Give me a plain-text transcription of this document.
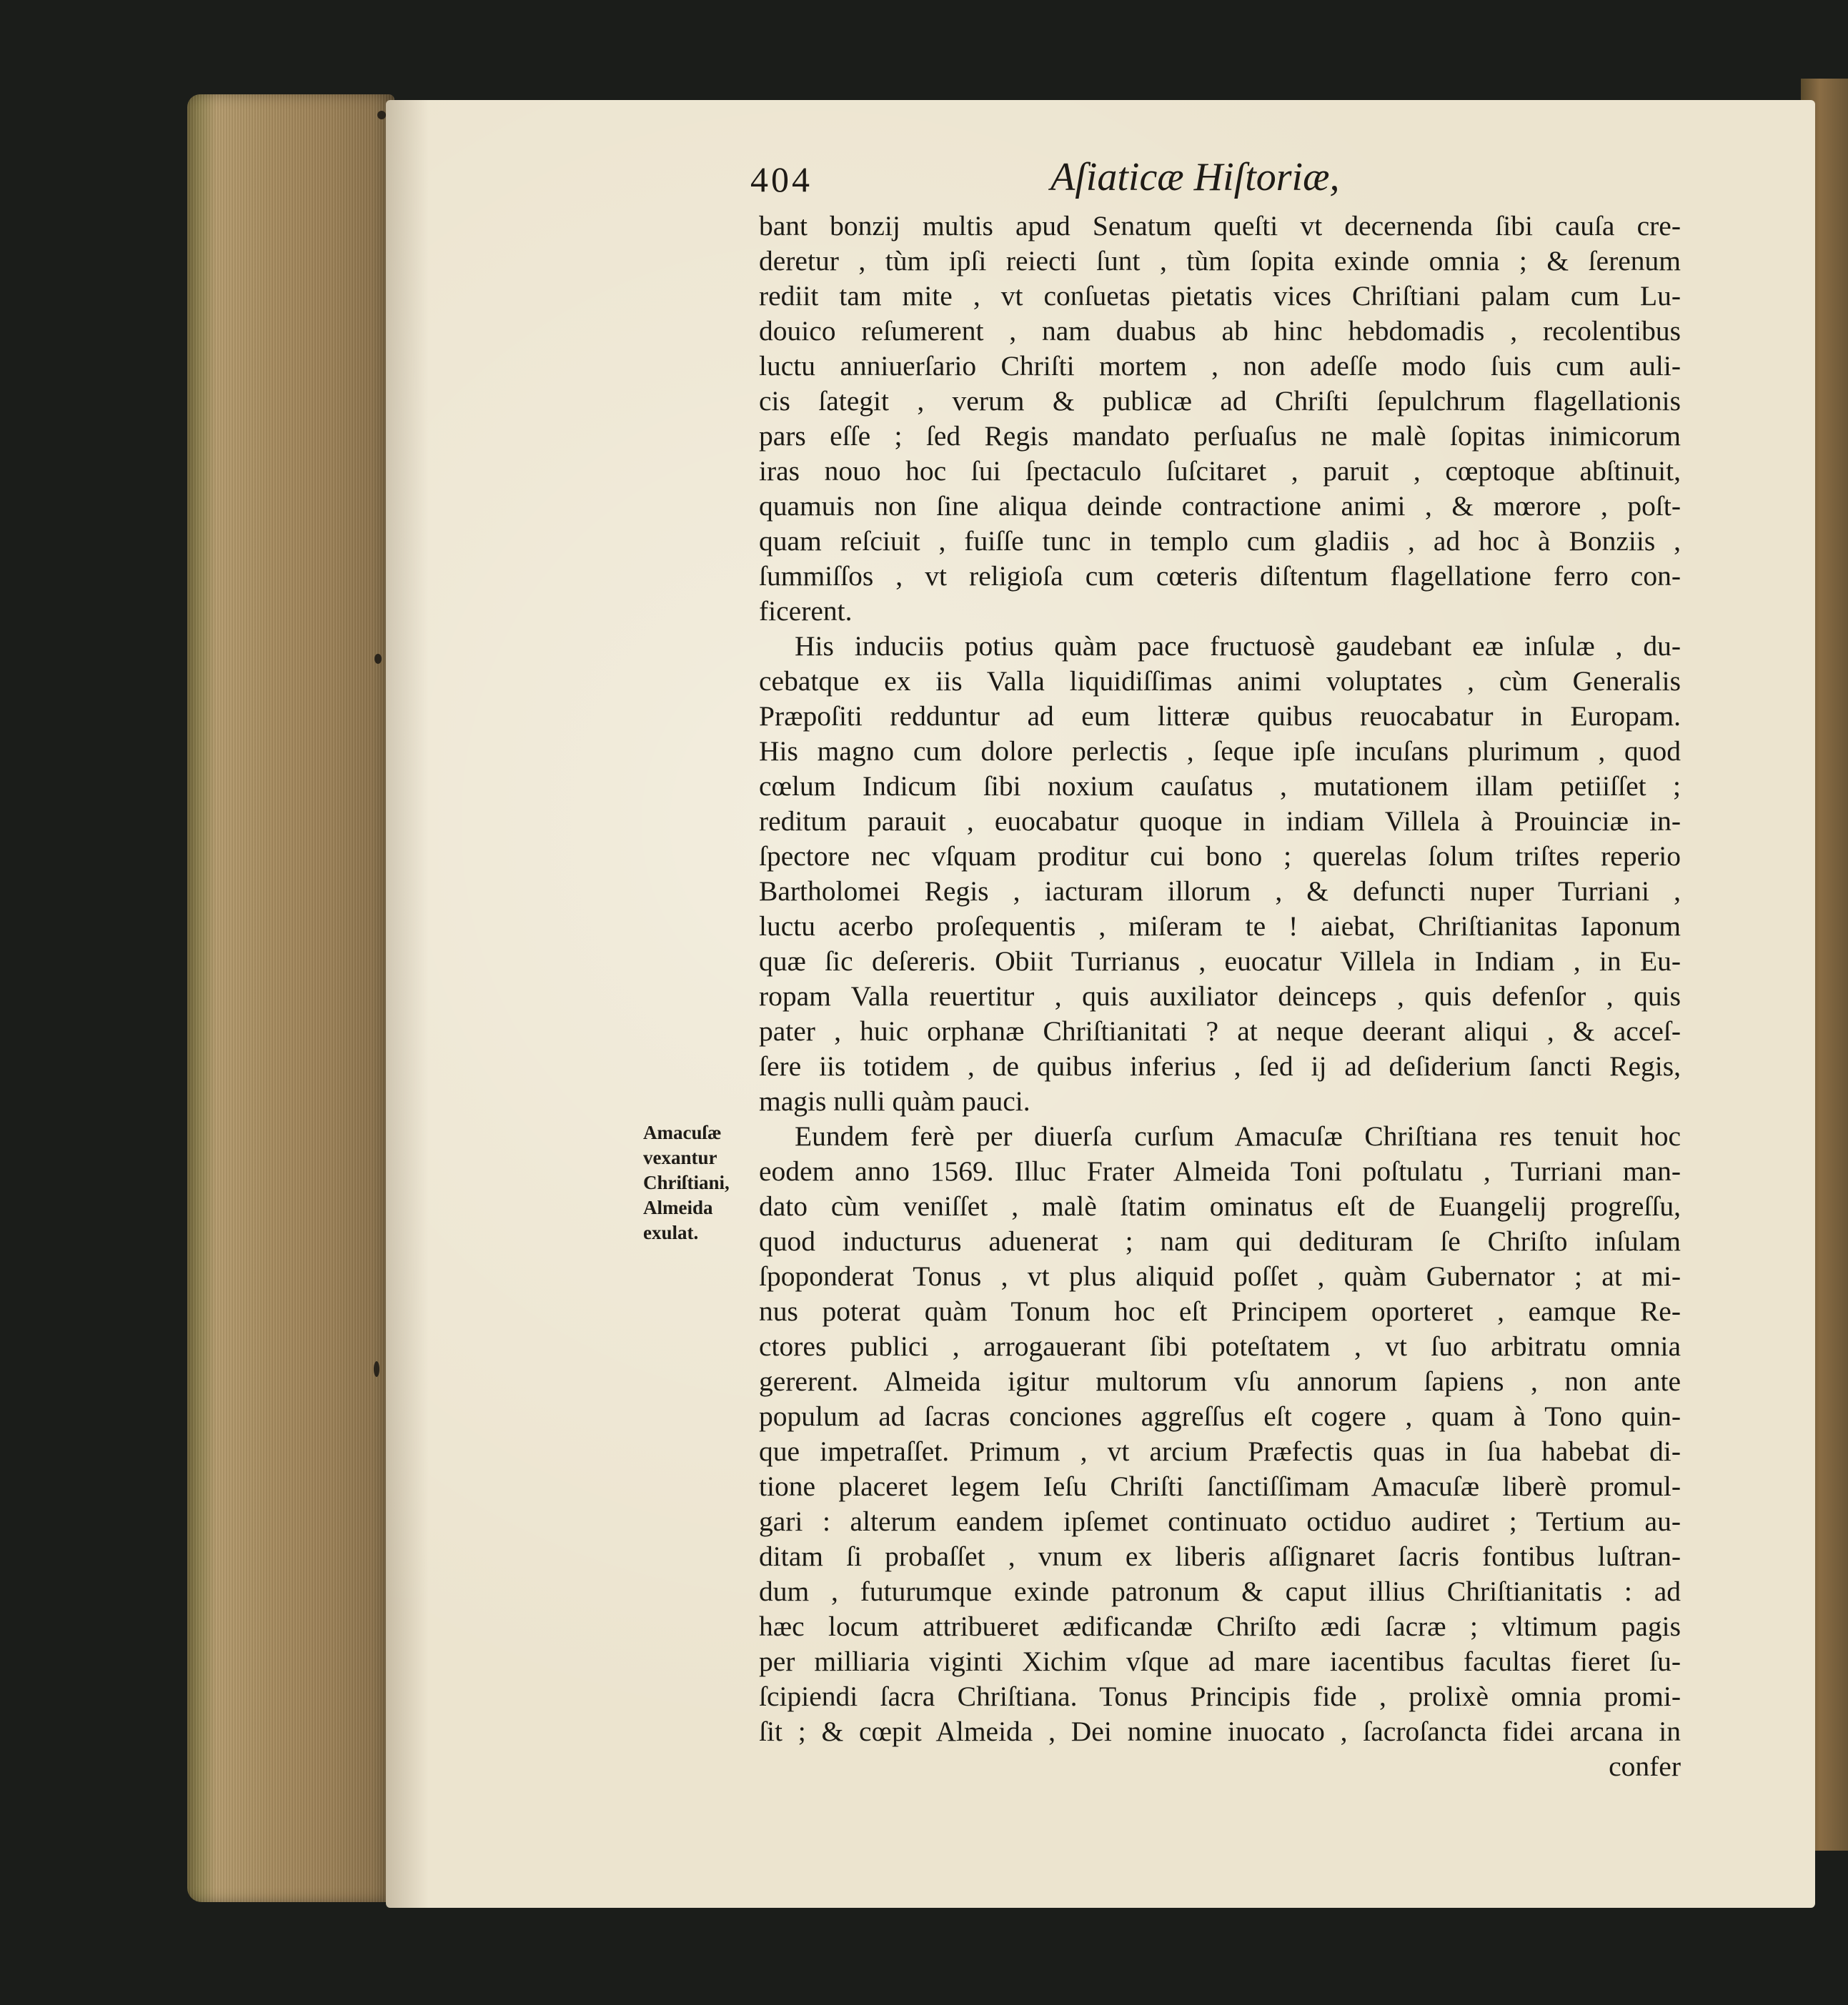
404	Aſiaticæ Hiſtoriæ,
Amacuſæ
vexantur
Chriſtiani,
Almeida
exulat.
bant bonzij multis apud Senatum queſti vt decernenda ſibi cauſa cre-
deretur , tùm ipſi reiecti ſunt , tùm ſopita exinde omnia ; & ſerenum
rediit tam mite , vt conſuetas pietatis vices Chriſtiani palam cum Lu-
douico reſumerent , nam duabus ab hinc hebdomadis , recolentibus
luctu anniuerſario Chriſti mortem , non adeſſe modo ſuis cum auli-
cis ſategit , verum & publicæ ad Chriſti ſepulchrum flagellationis
pars eſſe ; ſed Regis mandato perſuaſus ne malè ſopitas inimicorum
iras nouo hoc ſui ſpectaculo ſuſcitaret , paruit , cœptoque abſtinuit,
quamuis non ſine aliqua deinde contractione animi , & mœrore , poſt-
quam reſciuit , fuiſſe tunc in templo cum gladiis , ad hoc à Bonziis ,
ſummiſſos , vt religioſa cum cœteris diſtentum flagellatione ferro con-
ficerent.
His induciis potius quàm pace fructuosè gaudebant eæ inſulæ , du-
cebatque ex iis Valla liquidiſſimas animi voluptates , cùm Generalis
Præpoſiti redduntur ad eum litteræ quibus reuocabatur in Europam.
His magno cum dolore perlectis , ſeque ipſe incuſans plurimum , quod
cœlum Indicum ſibi noxium cauſatus , mutationem illam petiiſſet ;
reditum parauit , euocabatur quoque in indiam Villela à Prouinciæ in-
ſpectore nec vſquam proditur cui bono ; querelas ſolum triſtes reperio
Bartholomei Regis , iacturam illorum , & defuncti nuper Turriani ,
luctu acerbo proſequentis , miſeram te ! aiebat, Chriſtianitas Iaponum
quæ ſic deſereris. Obiit Turrianus , euocatur Villela in Indiam , in Eu-
ropam Valla reuertitur , quis auxiliator deinceps , quis defenſor , quis
pater , huic orphanæ Chriſtianitati ? at neque deerant aliqui , & acceſ-
ſere iis totidem , de quibus inferius , ſed ij ad deſiderium ſancti Regis,
magis nulli quàm pauci.
Eundem ferè per diuerſa curſum Amacuſæ Chriſtiana res tenuit hoc
eodem anno 1569. Illuc Frater Almeida Toni poſtulatu , Turriani man-
dato cùm veniſſet , malè ſtatim ominatus eſt de Euangelij progreſſu,
quod inducturus aduenerat ; nam qui dedituram ſe Chriſto inſulam
ſpoponderat Tonus , vt plus aliquid poſſet , quàm Gubernator ; at mi-
nus poterat quàm Tonum hoc eſt Principem oporteret , eamque Re-
ctores publici , arrogauerant ſibi poteſtatem , vt ſuo arbitratu omnia
gererent. Almeida igitur multorum vſu annorum ſapiens , non ante
populum ad ſacras conciones aggreſſus eſt cogere , quam à Tono quin-
que impetraſſet. Primum , vt arcium Præfectis quas in ſua habebat di-
tione placeret legem Ieſu Chriſti ſanctiſſimam Amacuſæ liberè promul-
gari : alterum eandem ipſemet continuato octiduo audiret ; Tertium au-
ditam ſi probaſſet , vnum ex liberis aſſignaret ſacris fontibus luſtran-
dum , futurumque exinde patronum & caput illius Chriſtianitatis : ad
hæc locum attribueret ædificandæ Chriſto ædi ſacræ ; vltimum pagis
per milliaria viginti Xichim vſque ad mare iacentibus facultas fieret ſu-
ſcipiendi ſacra Chriſtiana. Tonus Principis fide , prolixè omnia promi-
ſit ; & cœpit Almeida , Dei nomine inuocato , ſacroſancta fidei arcana in
confer
